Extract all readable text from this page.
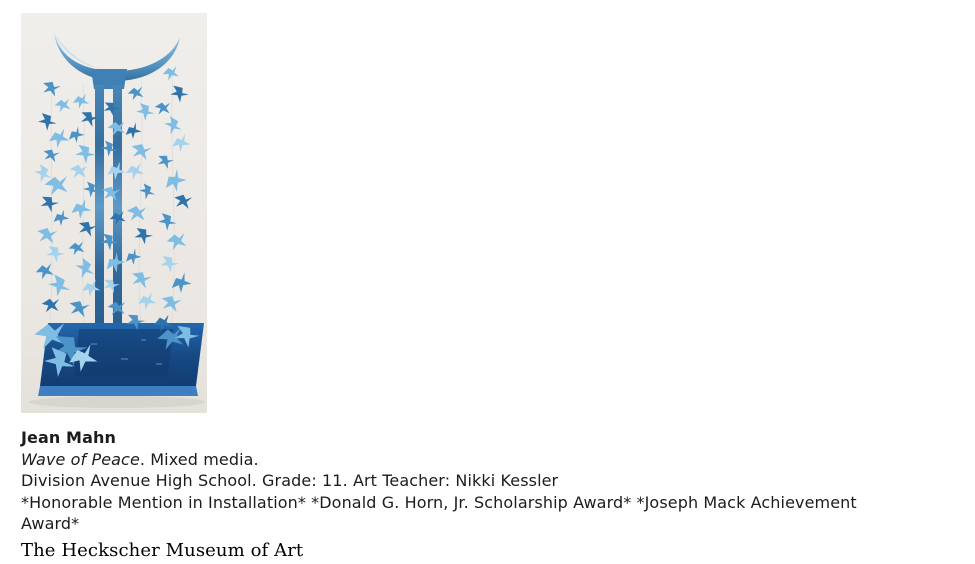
Jean Mahn
Wave of Peace. Mixed media.
Division Avenue High School. Grade: 11. Art Teacher: Nikki Kessler
*Honorable Mention in Installation* *Donald G. Horn, Jr. Scholarship Award* *Joseph Mack Achievement
Award*
The Heckscher Museum of Art
